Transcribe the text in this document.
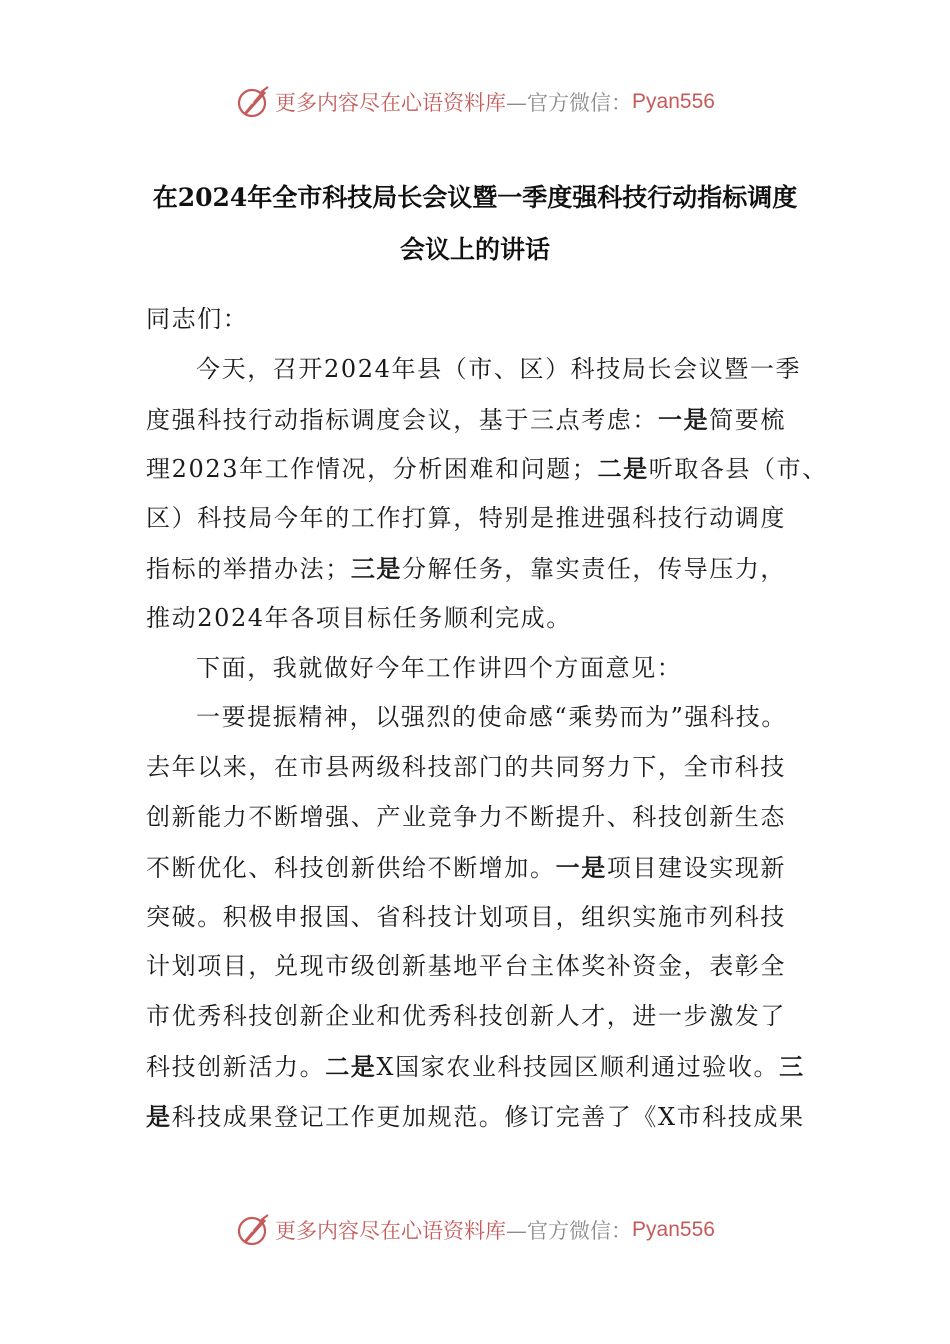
更多内容尽在心语资料库 —官方微信： Pyan556
在2024年全市科技局长会议暨一季度强科技行动指标调度
会议上的讲话
同志们：
今天，召开2024年县（市、区）科技局长会议暨一季
度强科技行动指标调度会议，基于三点考虑：一是简要梳
理2023年工作情况，分析困难和问题；二是听取各县（市、
区）科技局今年的工作打算，特别是推进强科技行动调度
指标的举措办法；三是分解任务，靠实责任，传导压力，
推动2024年各项目标任务顺利完成。
下面，我就做好今年工作讲四个方面意见：
一要提振精神，以强烈的使命感“乘势而为”强科技。
去年以来，在市县两级科技部门的共同努力下，全市科技
创新能力不断增强、产业竞争力不断提升、科技创新生态
不断优化、科技创新供给不断增加。一是项目建设实现新
突破。积极申报国、省科技计划项目，组织实施市列科技
计划项目，兑现市级创新基地平台主体奖补资金，表彰全
市优秀科技创新企业和优秀科技创新人才，进一步激发了
科技创新活力。二是X国家农业科技园区顺利通过验收。三
是科技成果登记工作更加规范。修订完善了《X市科技成果
更多内容尽在心语资料库 —官方微信： Pyan556
